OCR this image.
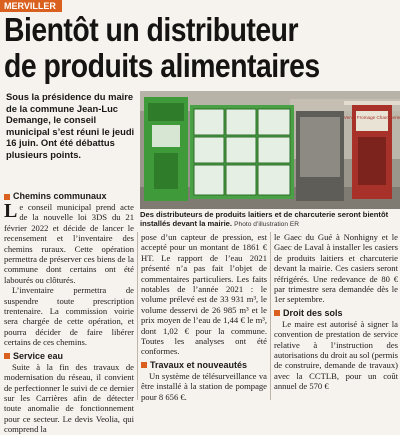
MERVILLER
Bientôt un distributeur
de produits alimentaires

Sous la présidence du maire de la commune Jean-Luc Demange, le conseil municipal s’est réuni le jeudi 16 juin. Ont été débattus plusieurs points.

Vente Fromage Charcuterie

Des distributeurs de produits laitiers et de charcuterie seront bientôt installés devant la mairie. Photo d’illustration ER

Chemins communaux

Le conseil municipal prend acte de la nouvelle loi 3DS du 21 février 2022 et décide de lancer le recensement et l’inventaire des chemins ruraux. Cette opération permettra de préserver ces biens de la commune dont certains ont été labourés ou clôturés.

L’inventaire permettra de suspendre toute prescription trentenaire. La commission voirie sera chargée de cette opération, et pourra décider de faire libérer certains de ces chemins.

Service eau

Suite à la fin des travaux de modernisation du réseau, il convient de perfectionner le suivi de ce dernier sur les Carrières afin de détecter toute anomalie de fonctionnement pour ce secteur. Le devis Veolia, qui comprend la

pose d’un capteur de pression, est accepté pour un montant de 1861 € HT. Le rapport de l’eau 2021 présenté n’a pas fait l’objet de commentaires particuliers. Les faits notables de l’année 2021 : le volume prélevé est de 33 931 m³, le volume desservi de 26 985 m³ et le prix moyen de l’eau de 1,44 € le m³, dont 1,02 € pour la commune. Toutes les analyses ont été conformes.

Travaux et nouveautés

Un système de télésurveillance va être installé à la station de pompage pour 8 656 €.

le Gaec du Gué à Nonhigny et le Gaec de Laval à installer les casiers de produits laitiers et charcuterie devant la mairie. Ces casiers seront réfrigérés. Une redevance de 80 € par trimestre sera demandée dès le 1er septembre.

Droit des sols

Le maire est autorisé à signer la convention de prestation de service relative à l’instruction des autorisations du droit au sol (permis de construire, demande de travaux) avec la CCTLB, pour un coût annuel de 570 €
